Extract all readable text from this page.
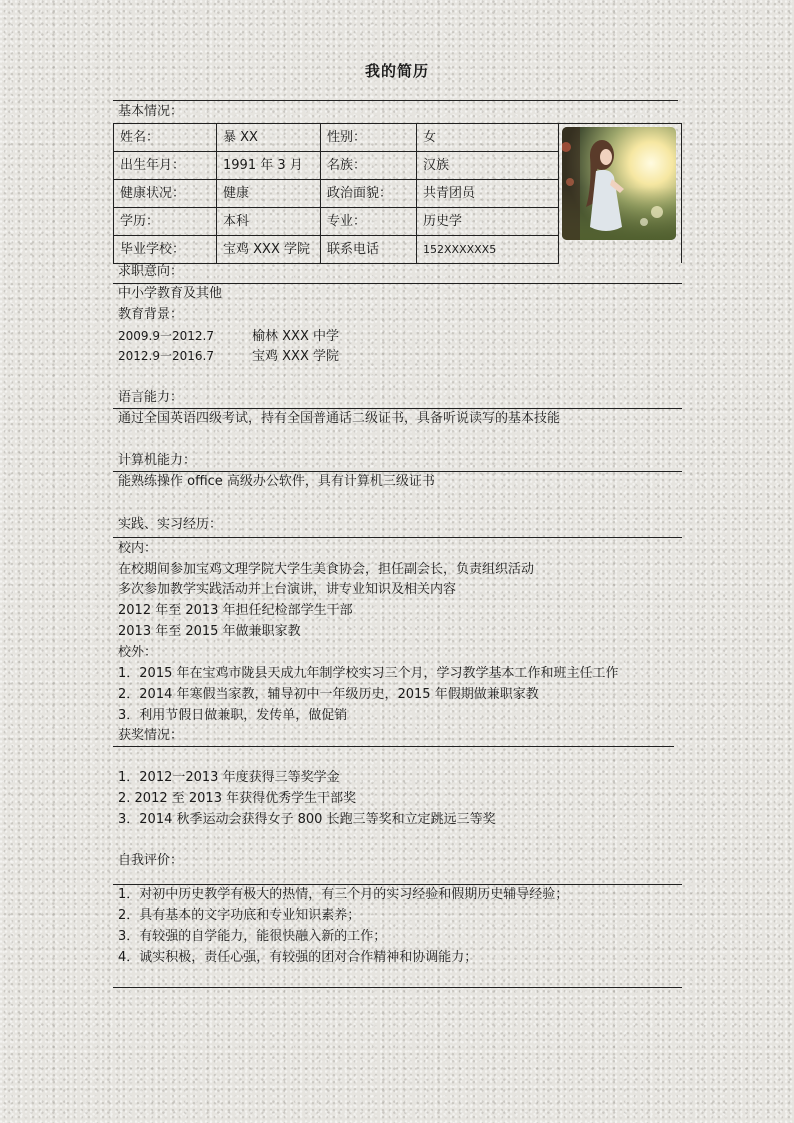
我的简历
基本情况：
姓名：	暴 XX	性别：	女
出生年月：	1991 年 3 月	名族：	汉族
健康状况：	健康	政治面貌：	共青团员
学历：	本科	专业：	历史学
毕业学校：	宝鸡 XXX 学院	联系电话	152XXXXXX5
求职意向：
中小学教育及其他
教育背景：
2009.9一2012.7	榆林 XXX 中学
2012.9一2016.7	宝鸡 XXX 学院
语言能力：
通过全国英语四级考试，持有全国普通话二级证书，具备听说读写的基本技能
计算机能力：
能熟练操作 office 高级办公软件，具有计算机三级证书
实践、实习经历：
校内：
在校期间参加宝鸡文理学院大学生美食协会，担任副会长，负责组织活动
多次参加教学实践活动并上台演讲，讲专业知识及相关内容
2012 年至 2013 年担任纪检部学生干部
2013 年至 2015 年做兼职家教
校外：
1．2015 年在宝鸡市陇县天成九年制学校实习三个月，学习教学基本工作和班主任工作
2．2014 年寒假当家教，辅导初中一年级历史，2015 年假期做兼职家教
3．利用节假日做兼职，发传单，做促销
获奖情况：
1．2012一2013 年度获得三等奖学金
2. 2012 至 2013 年获得优秀学生干部奖
3．2014 秋季运动会获得女子 800 长跑三等奖和立定跳远三等奖
自我评价：
1．对初中历史教学有极大的热情，有三个月的实习经验和假期历史辅导经验；
2．具有基本的文字功底和专业知识素养；
3．有较强的自学能力，能很快融入新的工作；
4．诚实积极，责任心强，有较强的团对合作精神和协调能力；
